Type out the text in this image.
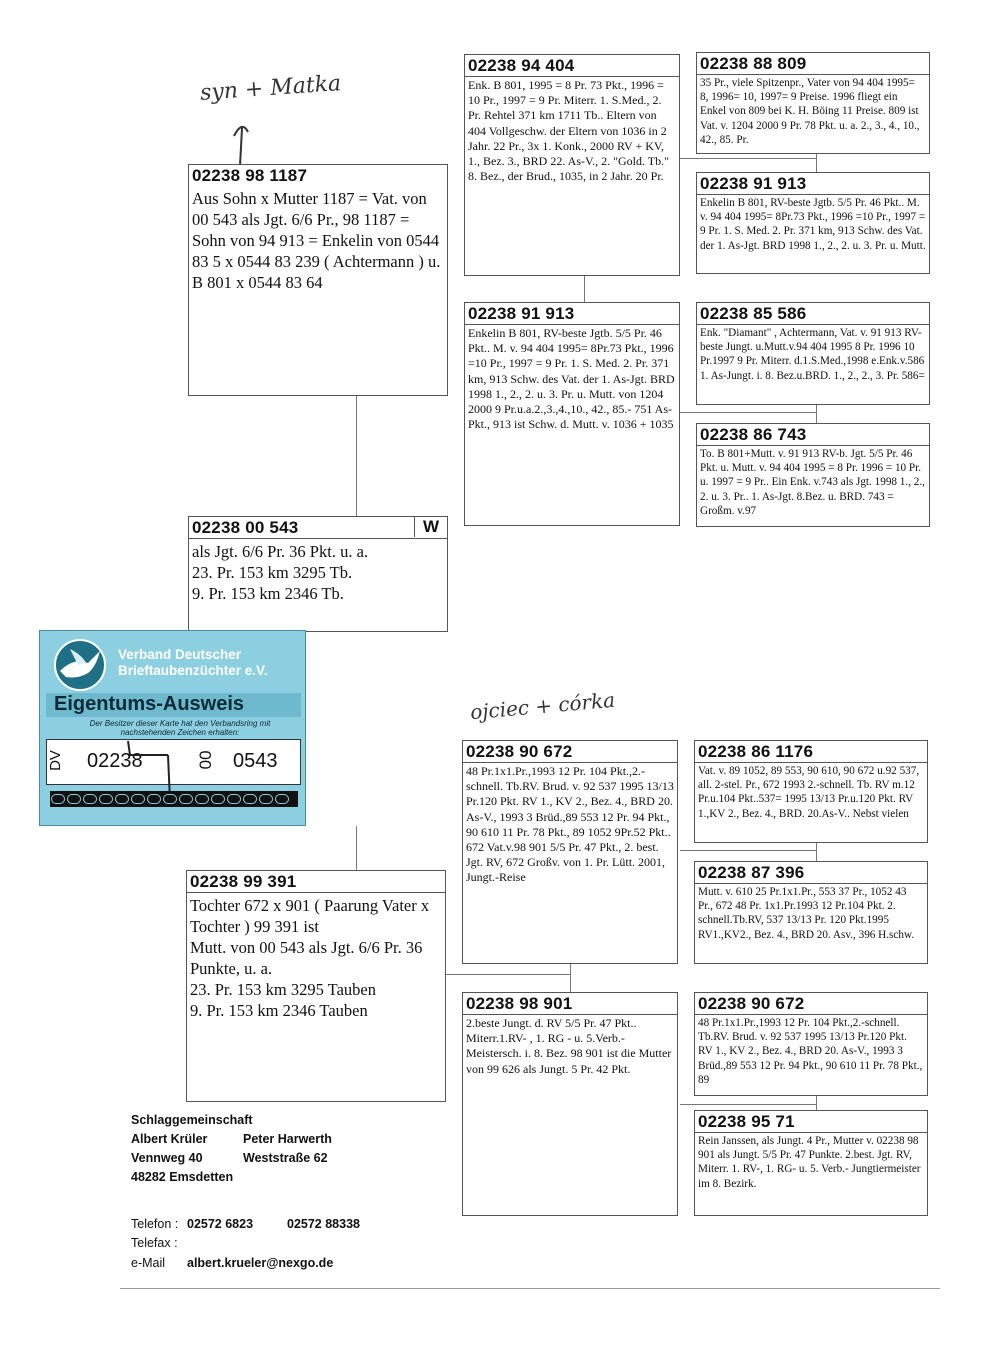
syn + Matka
ojciec + córka
02238 98 1187
Aus Sohn x Mutter 1187 = Vat. von 00 543 als Jgt. 6/6 Pr., 98 1187 = Sohn von 94 913 = Enkelin von 0544 83 5 x 0544 83 239 ( Achtermann ) u. B 801 x 0544 83 64
02238 00 543	W
als Jgt. 6/6 Pr. 36 Pkt. u. a.
23. Pr. 153 km 3295 Tb.
9. Pr. 153 km 2346 Tb.
02238 99 391
Tochter 672 x 901 ( Paarung Vater x Tochter ) 99 391 ist
Mutt. von 00 543 als Jgt. 6/6 Pr. 36 Punkte, u. a.
23. Pr. 153 km 3295 Tauben
9. Pr. 153 km 2346 Tauben
02238 94 404
Enk. B 801, 1995 = 8 Pr. 73 Pkt., 1996 = 10 Pr., 1997 = 9 Pr. Miterr. 1. S.Med., 2. Pr. Rehtel 371 km 1711 Tb.. Eltern von 404 Vollgeschw. der Eltern von 1036 in 2 Jahr. 22 Pr., 3x 1. Konk., 2000 RV + KV, 1., Bez. 3., BRD 22. As-V., 2. "Gold. Tb." 8. Bez., der Brud., 1035, in 2 Jahr. 20 Pr.
02238 88 809
35 Pr., viele Spitzenpr., Vater von 94 404 1995= 8, 1996= 10, 1997= 9 Preise. 1996 fliegt ein Enkel von 809 bei K. H. Böing 11 Preise. 809 ist Vat. v. 1204 2000 9 Pr. 78 Pkt. u. a. 2., 3., 4., 10., 42., 85. Pr.
02238 91 913
Enkelin B 801, RV-beste Jgtb. 5/5 Pr. 46 Pkt.. M. v. 94 404 1995= 8Pr.73 Pkt., 1996 =10 Pr., 1997 = 9 Pr. 1. S. Med. 2. Pr. 371 km, 913 Schw. des Vat. der 1. As-Jgt. BRD 1998 1., 2., 2. u. 3. Pr. u. Mutt.
02238 91 913
Enkelin B 801, RV-beste Jgtb. 5/5 Pr. 46 Pkt.. M. v. 94 404 1995= 8Pr.73 Pkt., 1996 =10 Pr., 1997 = 9 Pr. 1. S. Med. 2. Pr. 371 km, 913 Schw. des Vat. der 1. As-Jgt. BRD 1998 1., 2., 2. u. 3. Pr. u. Mutt. von 1204 2000 9 Pr.u.a.2.,3.,4.,10., 42., 85.- 751 As-Pkt., 913 ist Schw. d. Mutt. v. 1036 + 1035
02238 85 586
Enk. "Diamant" , Achtermann, Vat. v. 91 913 RV-beste Jungt. u.Mutt.v.94 404 1995 8 Pr. 1996 10 Pr.1997 9 Pr. Miterr. d.1.S.Med.,1998 e.Enk.v.586 1. As-Jungt. i. 8. Bez.u.BRD. 1., 2., 2., 3. Pr. 586=
02238 86 743
To. B 801+Mutt. v. 91 913 RV-b. Jgt. 5/5 Pr. 46 Pkt. u. Mutt. v. 94 404 1995 = 8 Pr. 1996 = 10 Pr. u. 1997 = 9 Pr.. Ein Enk. v.743 als Jgt. 1998 1., 2., 2. u. 3. Pr.. 1. As-Jgt. 8.Bez. u. BRD. 743 = Großm. v.97
02238 90 672
48 Pr.1x1.Pr.,1993 12 Pr. 104 Pkt.,2.-schnell. Tb.RV. Brud. v. 92 537 1995 13/13 Pr.120 Pkt. RV 1., KV 2., Bez. 4., BRD 20. As-V., 1993 3 Brüd.,89 553 12 Pr. 94 Pkt., 90 610 11 Pr. 78 Pkt., 89 1052 9Pr.52 Pkt.. 672 Vat.v.98 901 5/5 Pr. 47 Pkt., 2. best. Jgt. RV, 672 Großv. von 1. Pr. Lütt. 2001, Jungt.-Reise
02238 86 1176
Vat. v. 89 1052, 89 553, 90 610, 90 672 u.92 537, all. 2-stel. Pr., 672 1993 2.-schnell. Tb. RV m.12 Pr.u.104 Pkt..537= 1995 13/13 Pr.u.120 Pkt. RV 1.,KV 2., Bez. 4., BRD. 20.As-V.. Nebst vielen
02238 87 396
Mutt. v. 610 25 Pr.1x1.Pr., 553 37 Pr., 1052 43 Pr., 672 48 Pr. 1x1.Pr.1993 12 Pr.104 Pkt. 2. schnell.Tb.RV, 537 13/13 Pr. 120 Pkt.1995 RV1.,KV2., Bez. 4., BRD 20. Asv., 396 H.schw.
02238 98 901
2.beste Jungt. d. RV 5/5 Pr. 47 Pkt.. Miterr.1.RV- , 1. RG - u. 5.Verb.-Meistersch. i. 8. Bez. 98 901 ist die Mutter von 99 626 als Jungt. 5 Pr. 42 Pkt.
02238 90 672
48 Pr.1x1.Pr.,1993 12 Pr. 104 Pkt.,2.-schnell. Tb.RV. Brud. v. 92 537 1995 13/13 Pr.120 Pkt. RV 1., KV 2., Bez. 4., BRD 20. As-V., 1993 3 Brüd.,89 553 12 Pr. 94 Pkt., 90 610 11 Pr. 78 Pkt., 89
02238 95 71
Rein Janssen, als Jungt. 4 Pr., Mutter v. 02238 98 901 als Jungt. 5/5 Pr. 47 Punkte. 2.best. Jgt. RV, Miterr. 1. RV-, 1. RG- u. 5. Verb.- Jungtiermeister im 8. Bezirk.
Verband Deutscher
Brieftaubenzüchter e.V.
Eigentums-Ausweis
Der Besitzer dieser Karte hat den Verbandsring mit nachstehenden Zeichen erhalten:
DV 02238	00 0543
Schlaggemeinschaft
Albert Krüler	Peter Harwerth
Vennweg 40	Weststraße 62
48282 Emsdetten
Telefon : 02572 6823	02572 88338
Telefax :
e-Mail albert.krueler@nexgo.de
